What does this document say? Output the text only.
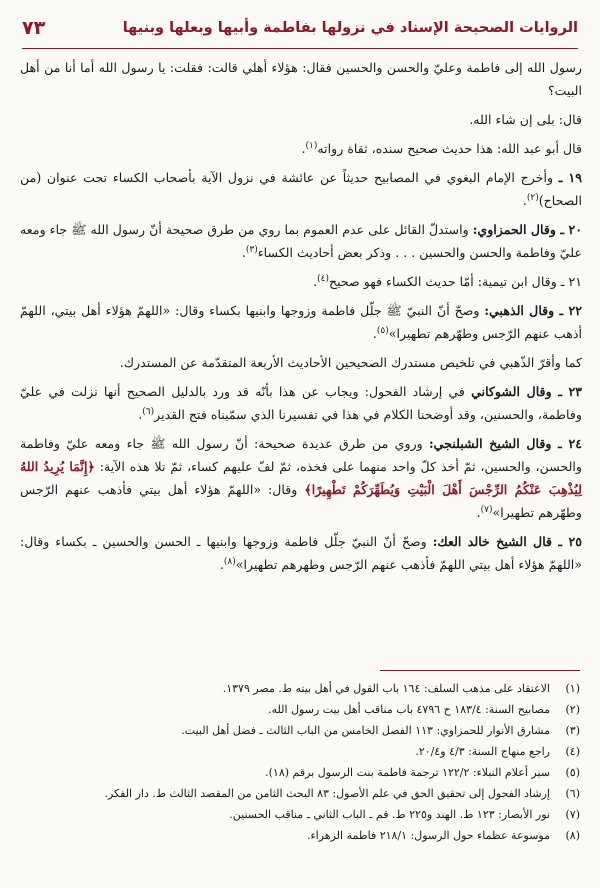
٧٣	الروايات الصحيحة الإسناد في نزولها بفاطمة وأبيها وبعلها وبنيها

رسول الله إلى فاطمة وعليّ والحسن والحسين فقال: هؤلاء أهلي قالت: فقلت: يا رسول الله أما أنا من أهل البيت؟

قال: بلى إن شاء الله.

قال أبو عبد الله: هذا حديث صحيح سنده، ثقاة رواته$^{(١)}$.

١٩ ـ وأخرج الإمام البغوي في المصابيح حديثاً عن عائشة في نزول الآية بأصحاب الكساء تحت عنوان (من الصحاح)$^{(٢)}$.

٢٠ ـ وقال الحمزاوي: واستدلّ القائل على عدم العموم بما روي من طرق صحيحة أنّ رسول الله ﷺ جاء ومعه عليّ وفاطمة والحسن والحسين . . . وذكر بعض أحاديث الكساء$^{(٣)}$.

٢١ ـ وقال ابن تيمية: أمّا حديث الكساء فهو صحيح$^{(٤)}$.

٢٢ ـ وقال الذهبي: وصحّ أنّ النبيّ ﷺ جلّل فاطمة وزوجها وابنيها بكساء وقال: «اللهمّ هؤلاء أهل بيتي، اللهمّ أذهب عنهم الرّجس وطهّرهم تطهيرا»$^{(٥)}$.

كما وأقرّ الذّهبي في تلخيص مستدرك الصحيحين الأحاديث الأربعة المتقدّمة عن المستدرك.

٢٣ ـ وقال الشوكاني في إرشاد الفحول: ويجاب عن هذا بأنّه قد ورد بالدليل الصحيح أنها نزلت في عليّ وفاطمة، والحسنين، وقد أوضحنا الكلام في هذا في تفسيرنا الذي سمّيناه فتح القدير$^{(٦)}$.

٢٤ ـ وقال الشيخ الشبلنجي: وروي من طرق عديدة صحيحة: أنّ رسول الله ﷺ جاء ومعه عليّ وفاطمة والحسن، والحسين، ثمّ أخذ كلّ واحد منهما على فخذه، ثمّ لفّ عليهم كساء، ثمّ تلا هذه الآية: ﴿إِنَّمَا يُرِيدُ اللهُ لِيُذْهِبَ عَنْكُمُ الرِّجْسَ أَهْلَ الْبَيْتِ وَيُطَهِّرَكُمْ تَطْهِيرًا﴾ وقال: «اللهمّ هؤلاء أهل بيتي فأذهب عنهم الرّجس وطهّرهم تطهيرا»$^{(٧)}$.

٢٥ ـ قال الشيخ خالد العك: وصحّ أنّ النبيّ جلّل فاطمة وزوجها وابنيها ـ الحسن والحسين ـ بكساء وقال: «اللهمّ هؤلاء أهل بيتي اللهمّ فأذهب عنهم الرّجس وطهرهم تطهيرا»$^{(٨)}$.

(١)
الاعتقاد على مذهب السلف: ١٦٤ باب القول في أهل بيته ط. مصر ١٣٧٩.
(٢)
مصابيح السنة: ١٨٣/٤ ح ٤٧٩٦ باب مناقب أهل بيت رسول الله.
(٣)
مشارق الأنوار للحمزاوي: ١١٣ الفصل الخامس من الباب الثالث ـ فضل أهل البيت.
(٤)
راجع منهاج السنة: ٤/٣ و٢٠/٤.
(٥)
سير أعلام النبلاء: ١٢٢/٢ ترجمة فاطمة بنت الرسول برقم (١٨).
(٦)
إرشاد الفحول إلى تحقيق الحق في علم الأصول: ٨٣ البحث الثامن من المقصد الثالث ط. دار الفكر.
(٧)
نور الأبصار: ١٢٣ ط. الهند و٢٢٥ ط. قم ـ الباب الثاني ـ مناقب الحسنين.
(٨)
موسوعة عظماء حول الرسول: ٢١٨/١ فاطمة الزهراء.
